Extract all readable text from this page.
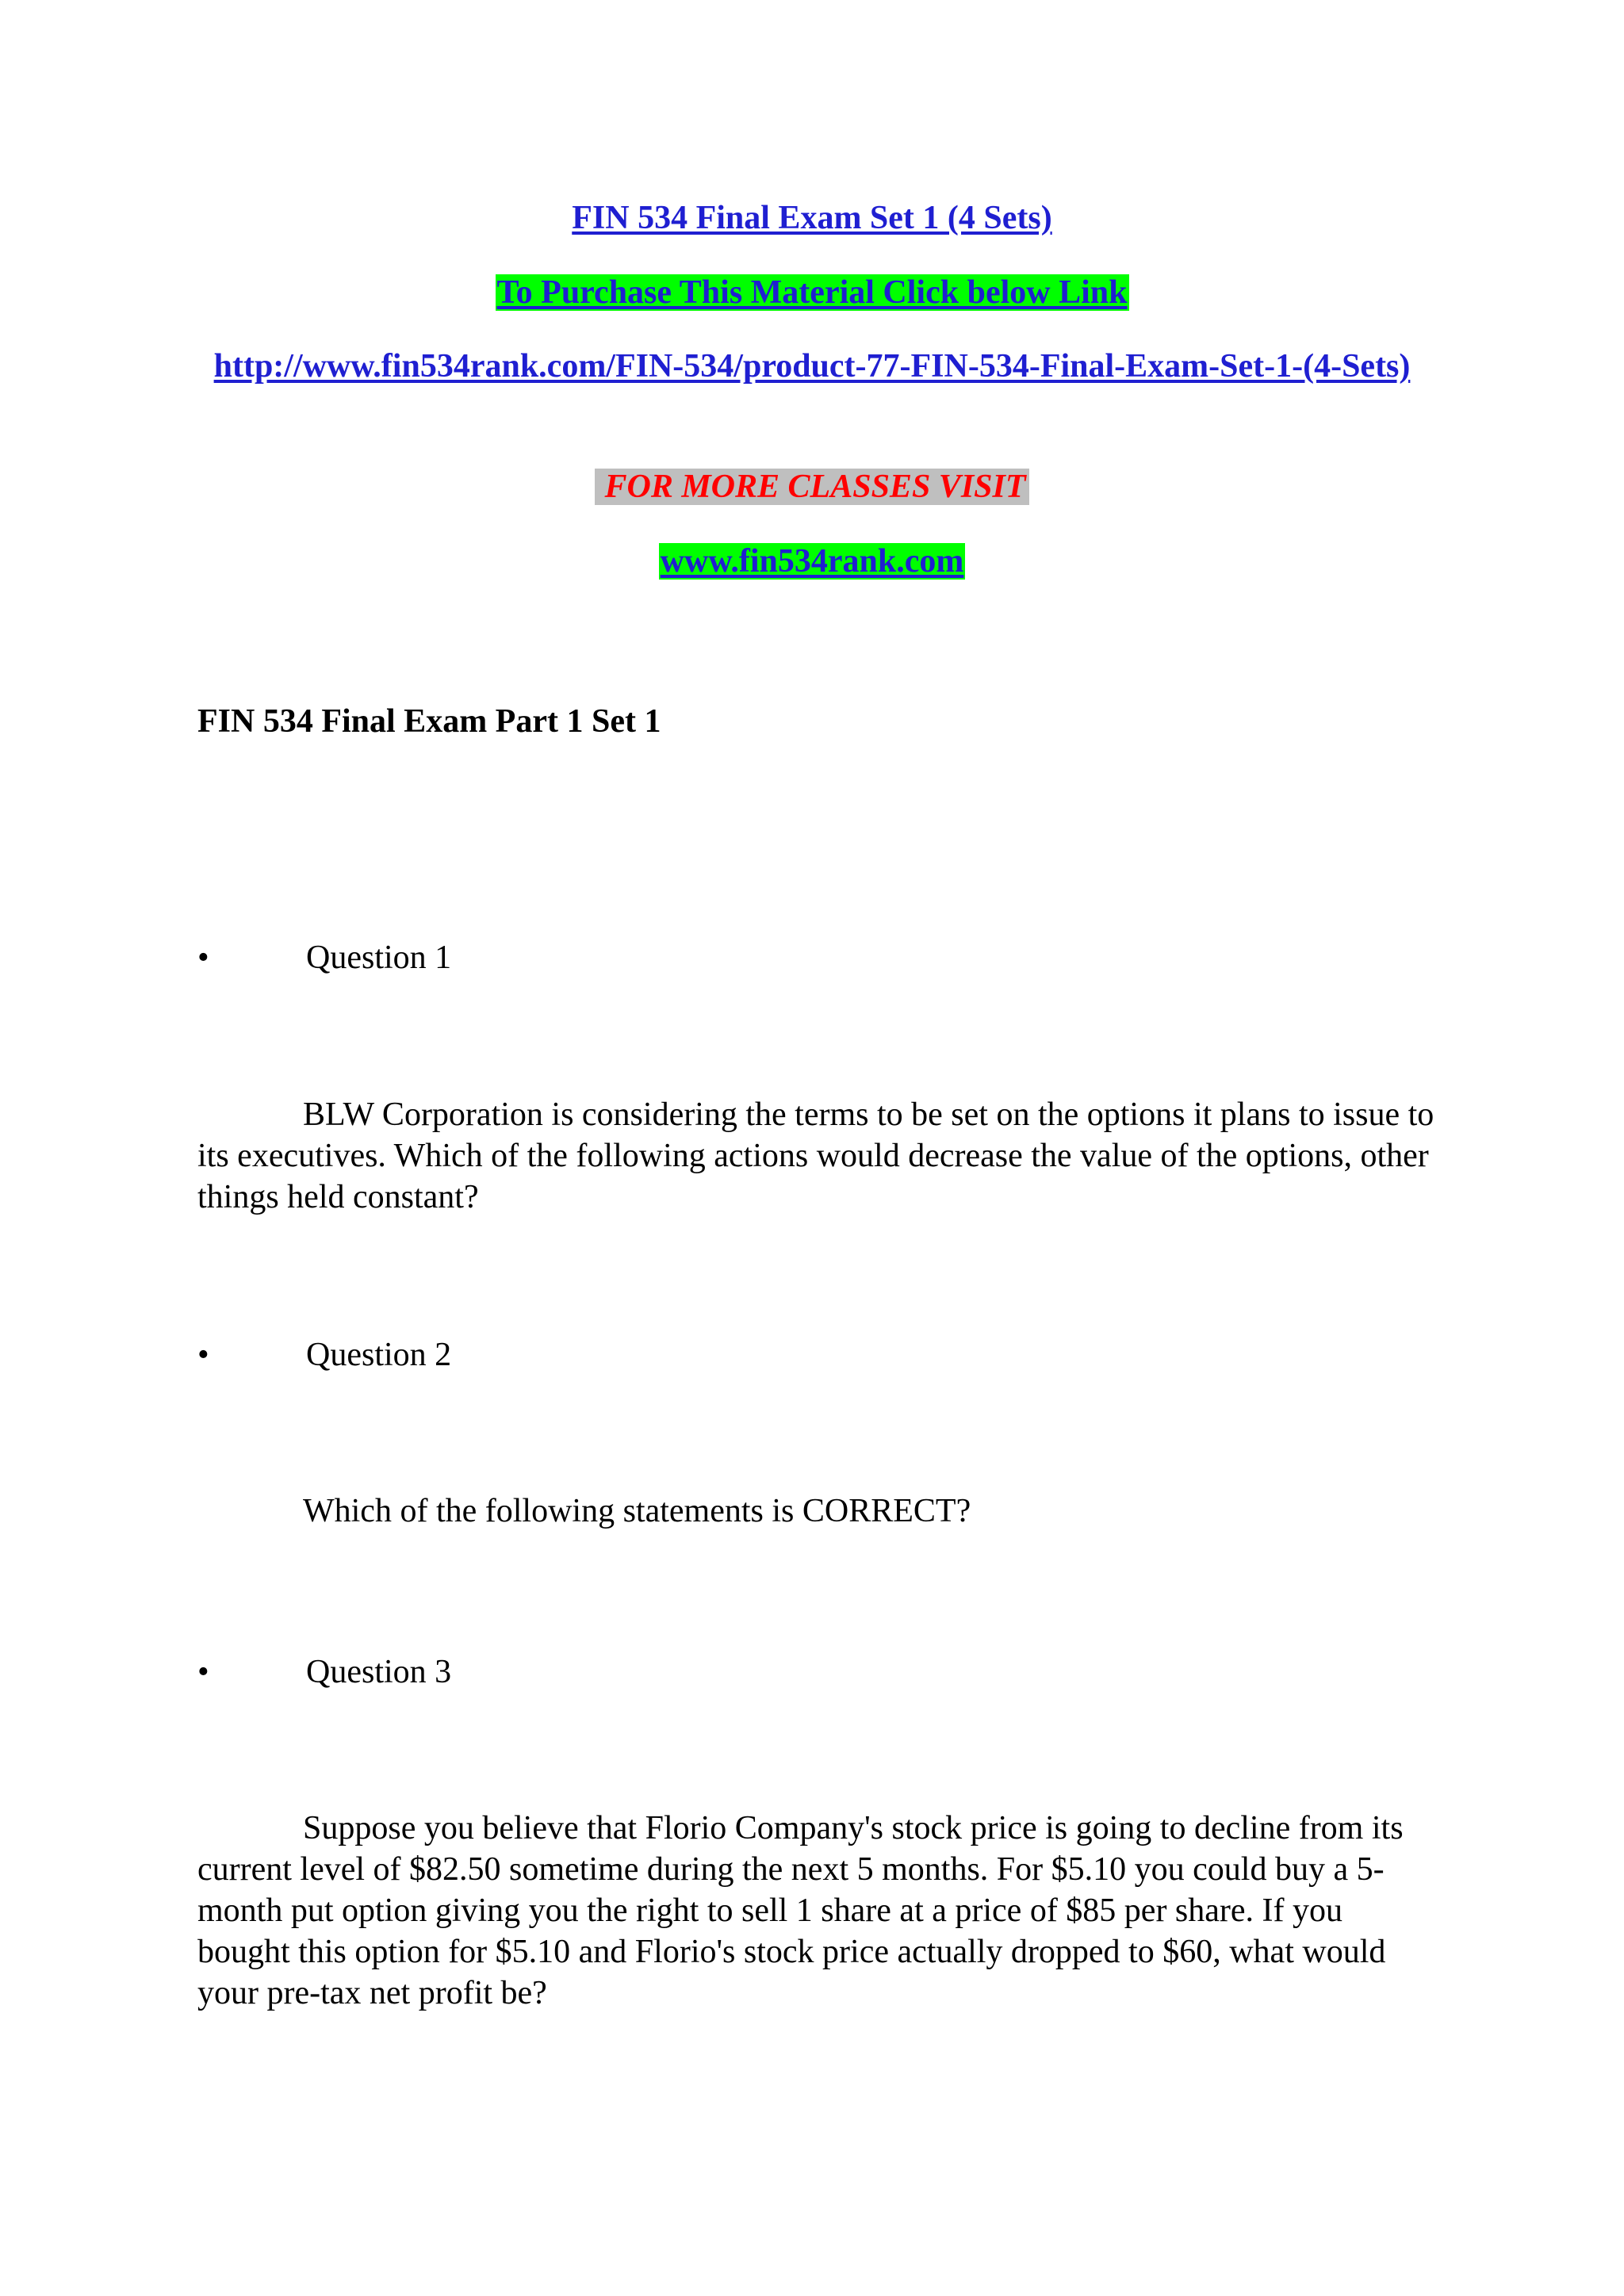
FIN 534 Final Exam Set 1 (4 Sets)
To Purchase This Material Click below Link
http://www.fin534rank.com/FIN-534/product-77-FIN-534-Final-Exam-Set-1-(4-Sets)
FOR MORE CLASSES VISIT
www.fin534rank.com
FIN 534 Final Exam Part 1 Set 1
•	Question 1

BLW Corporation is considering the terms to be set on the options it plans to issue to its executives. Which of the following actions would decrease the value of the options, other things held constant?

•	Question 2

Which of the following statements is CORRECT?

•	Question 3

Suppose you believe that Florio Company's stock price is going to decline from its current level of $82.50 sometime during the next 5 months. For $5.10 you could buy a 5-month put option giving you the right to sell 1 share at a price of $85 per share. If you bought this option for $5.10 and Florio's stock price actually dropped to $60, what would your pre-tax net profit be?
